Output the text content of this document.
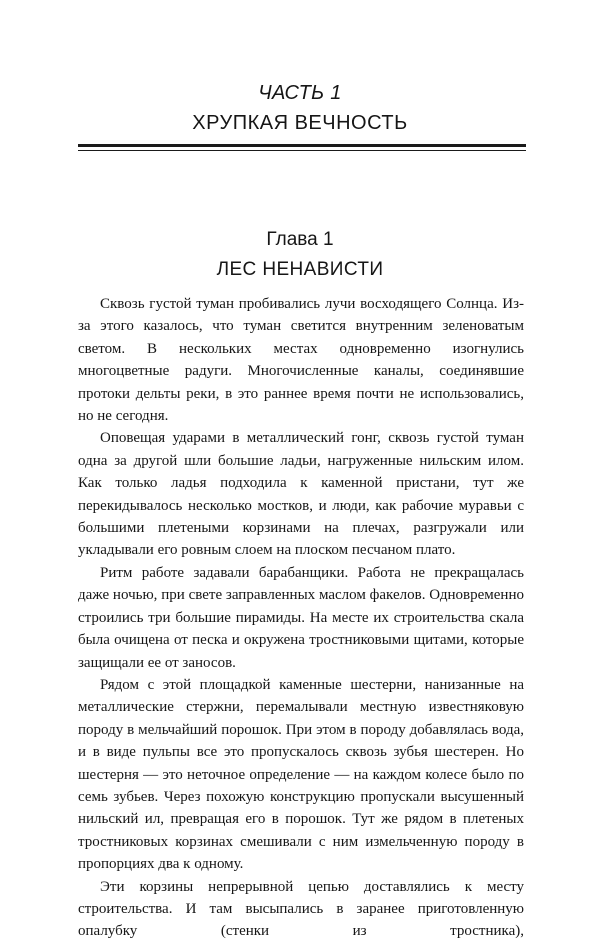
ЧАСТЬ 1
ХРУПКАЯ ВЕЧНОСТЬ
Глава 1
ЛЕС НЕНАВИСТИ

Сквозь густой туман пробивались лучи восходящего Солнца. Из-за этого казалось, что туман светится внутренним зеленоватым светом. В нескольких местах одновременно изогнулись многоцветные радуги. Многочисленные каналы, соединявшие протоки дельты реки, в это раннее время почти не использовались, но не сегодня.

Оповещая ударами в металлический гонг, сквозь густой туман одна за другой шли большие ладьи, нагруженные нильским илом. Как только ладья подходила к каменной пристани, тут же перекидывалось несколько мостков, и люди, как рабочие муравьи с большими плетеными корзинами на плечах, разгружали или укладывали его ровным слоем на плоском песчаном плато.

Ритм работе задавали барабанщики. Работа не прекращалась даже ночью, при свете заправленных маслом факелов. Одновременно строились три большие пирамиды. На месте их строительства скала была очищена от песка и окружена тростниковыми щитами, которые защищали ее от заносов.

Рядом с этой площадкой каменные шестерни, нанизанные на металлические стержни, перемалывали местную известняковую породу в мельчайший порошок. При этом в породу добавлялась вода, и в виде пульпы все это пропускалось сквозь зубья шестерен. Но шестерня — это неточное определение — на каждом колесе было по семь зубьев. Через похожую конструкцию пропускали высушенный нильский ил, превращая его в порошок. Тут же рядом в плетеных тростниковых корзинах смешивали с ним измельченную породу в пропорциях два к одному.

Эти корзины непрерывной цепью доставлялись к месту строительства. И там высыпались в заранее приготовленную опалубку (стенки из тростника),
